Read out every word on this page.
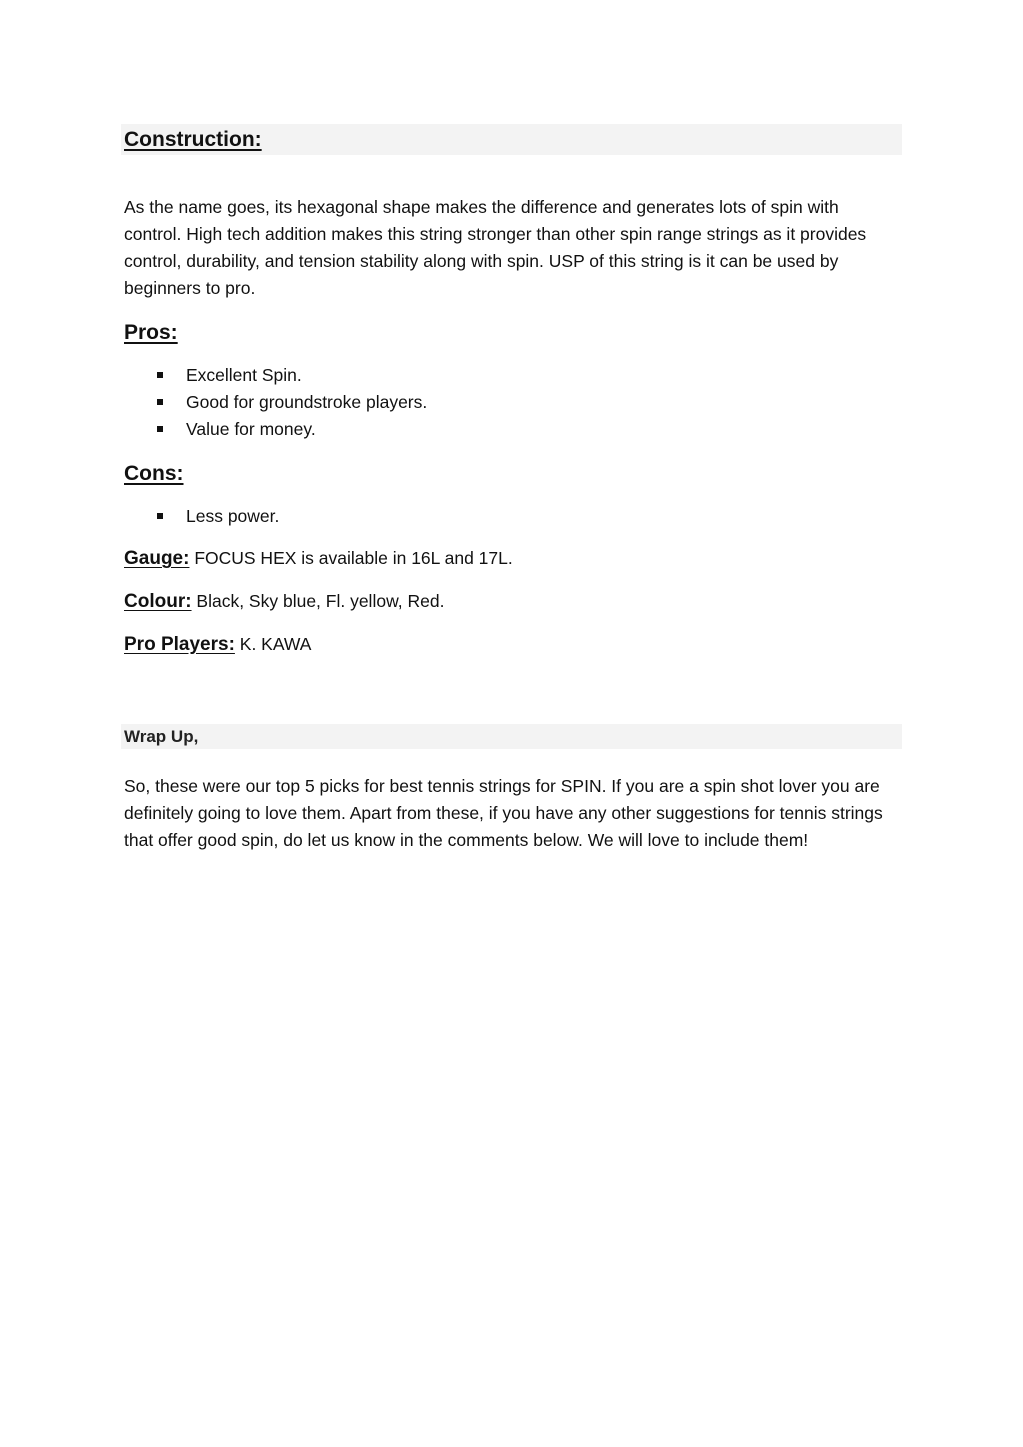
Construction:

As the name goes, its hexagonal shape makes the difference and generates lots of spin with control. High tech addition makes this string stronger than other spin range strings as it provides control, durability, and tension stability along with spin. USP of this string is it can be used by beginners to pro.

Pros:
Excellent Spin.
Good for groundstroke players.
Value for money.
Cons:
Less power.

Gauge: FOCUS HEX is available in 16L and 17L.

Colour: Black, Sky blue, Fl. yellow, Red.

Pro Players: K. KAWA

Wrap Up,

So, these were our top 5 picks for best tennis strings for SPIN. If you are a spin shot lover you are definitely going to love them. Apart from these, if you have any other suggestions for tennis strings that offer good spin, do let us know in the comments below. We will love to include them!
